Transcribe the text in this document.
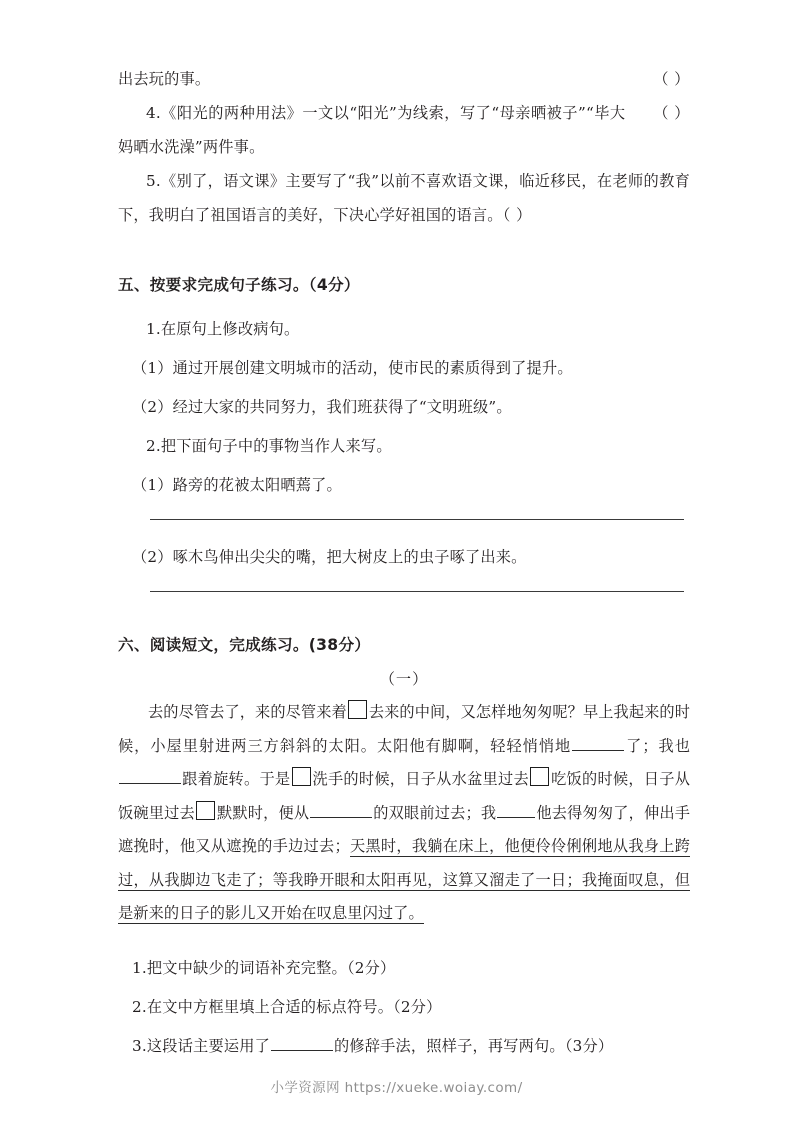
（ ）
出去玩的事。
（ ）
4.《阳光的两种用法》一文以“阳光”为线索，写了“母亲晒被子”“毕大妈晒水洗澡”两件事。
5.《别了，语文课》主要写了“我”以前不喜欢语文课，临近移民，在老师的教育下，我明白了祖国语言的美好，下决心学好祖国的语言。（ ）
五、按要求完成句子练习。（4分）
1.在原句上修改病句。
（1）通过开展创建文明城市的活动，使市民的素质得到了提升。
（2）经过大家的共同努力，我们班获得了“文明班级”。
2.把下面句子中的事物当作人来写。
（1）路旁的花被太阳晒蔫了。
（2）啄木鸟伸出尖尖的嘴，把大树皮上的虫子啄了出来。
六、阅读短文，完成练习。(38分）
（一）
去的尽管去了，来的尽管来着 去来的中间，又怎样地匆匆呢？早上我起来的时候，小屋里射进两三方斜斜的太阳。太阳他有脚啊，轻轻悄悄地	了；我也跟着旋转。于是 洗手的时候，日子从水盆里过去 吃饭的时候，日子从饭碗里过去 默默时，便从	的双眼前过去；我	他去得匆匆了，伸出手遮挽时，他又从遮挽的手边过去；天黑时，我躺在床上，他便伶伶俐俐地从我身上跨过，从我脚边飞走了；等我睁开眼和太阳再见，这算又溜走了一日；我掩面叹息，但是新来的日子的影儿又开始在叹息里闪过了。
1.把文中缺少的词语补充完整。（2分）
2.在文中方框里填上合适的标点符号。（2分）
3.这段话主要运用了	的修辞手法，照样子，再写两句。（3分）
小学资源网 https://xueke.woiay.com/
